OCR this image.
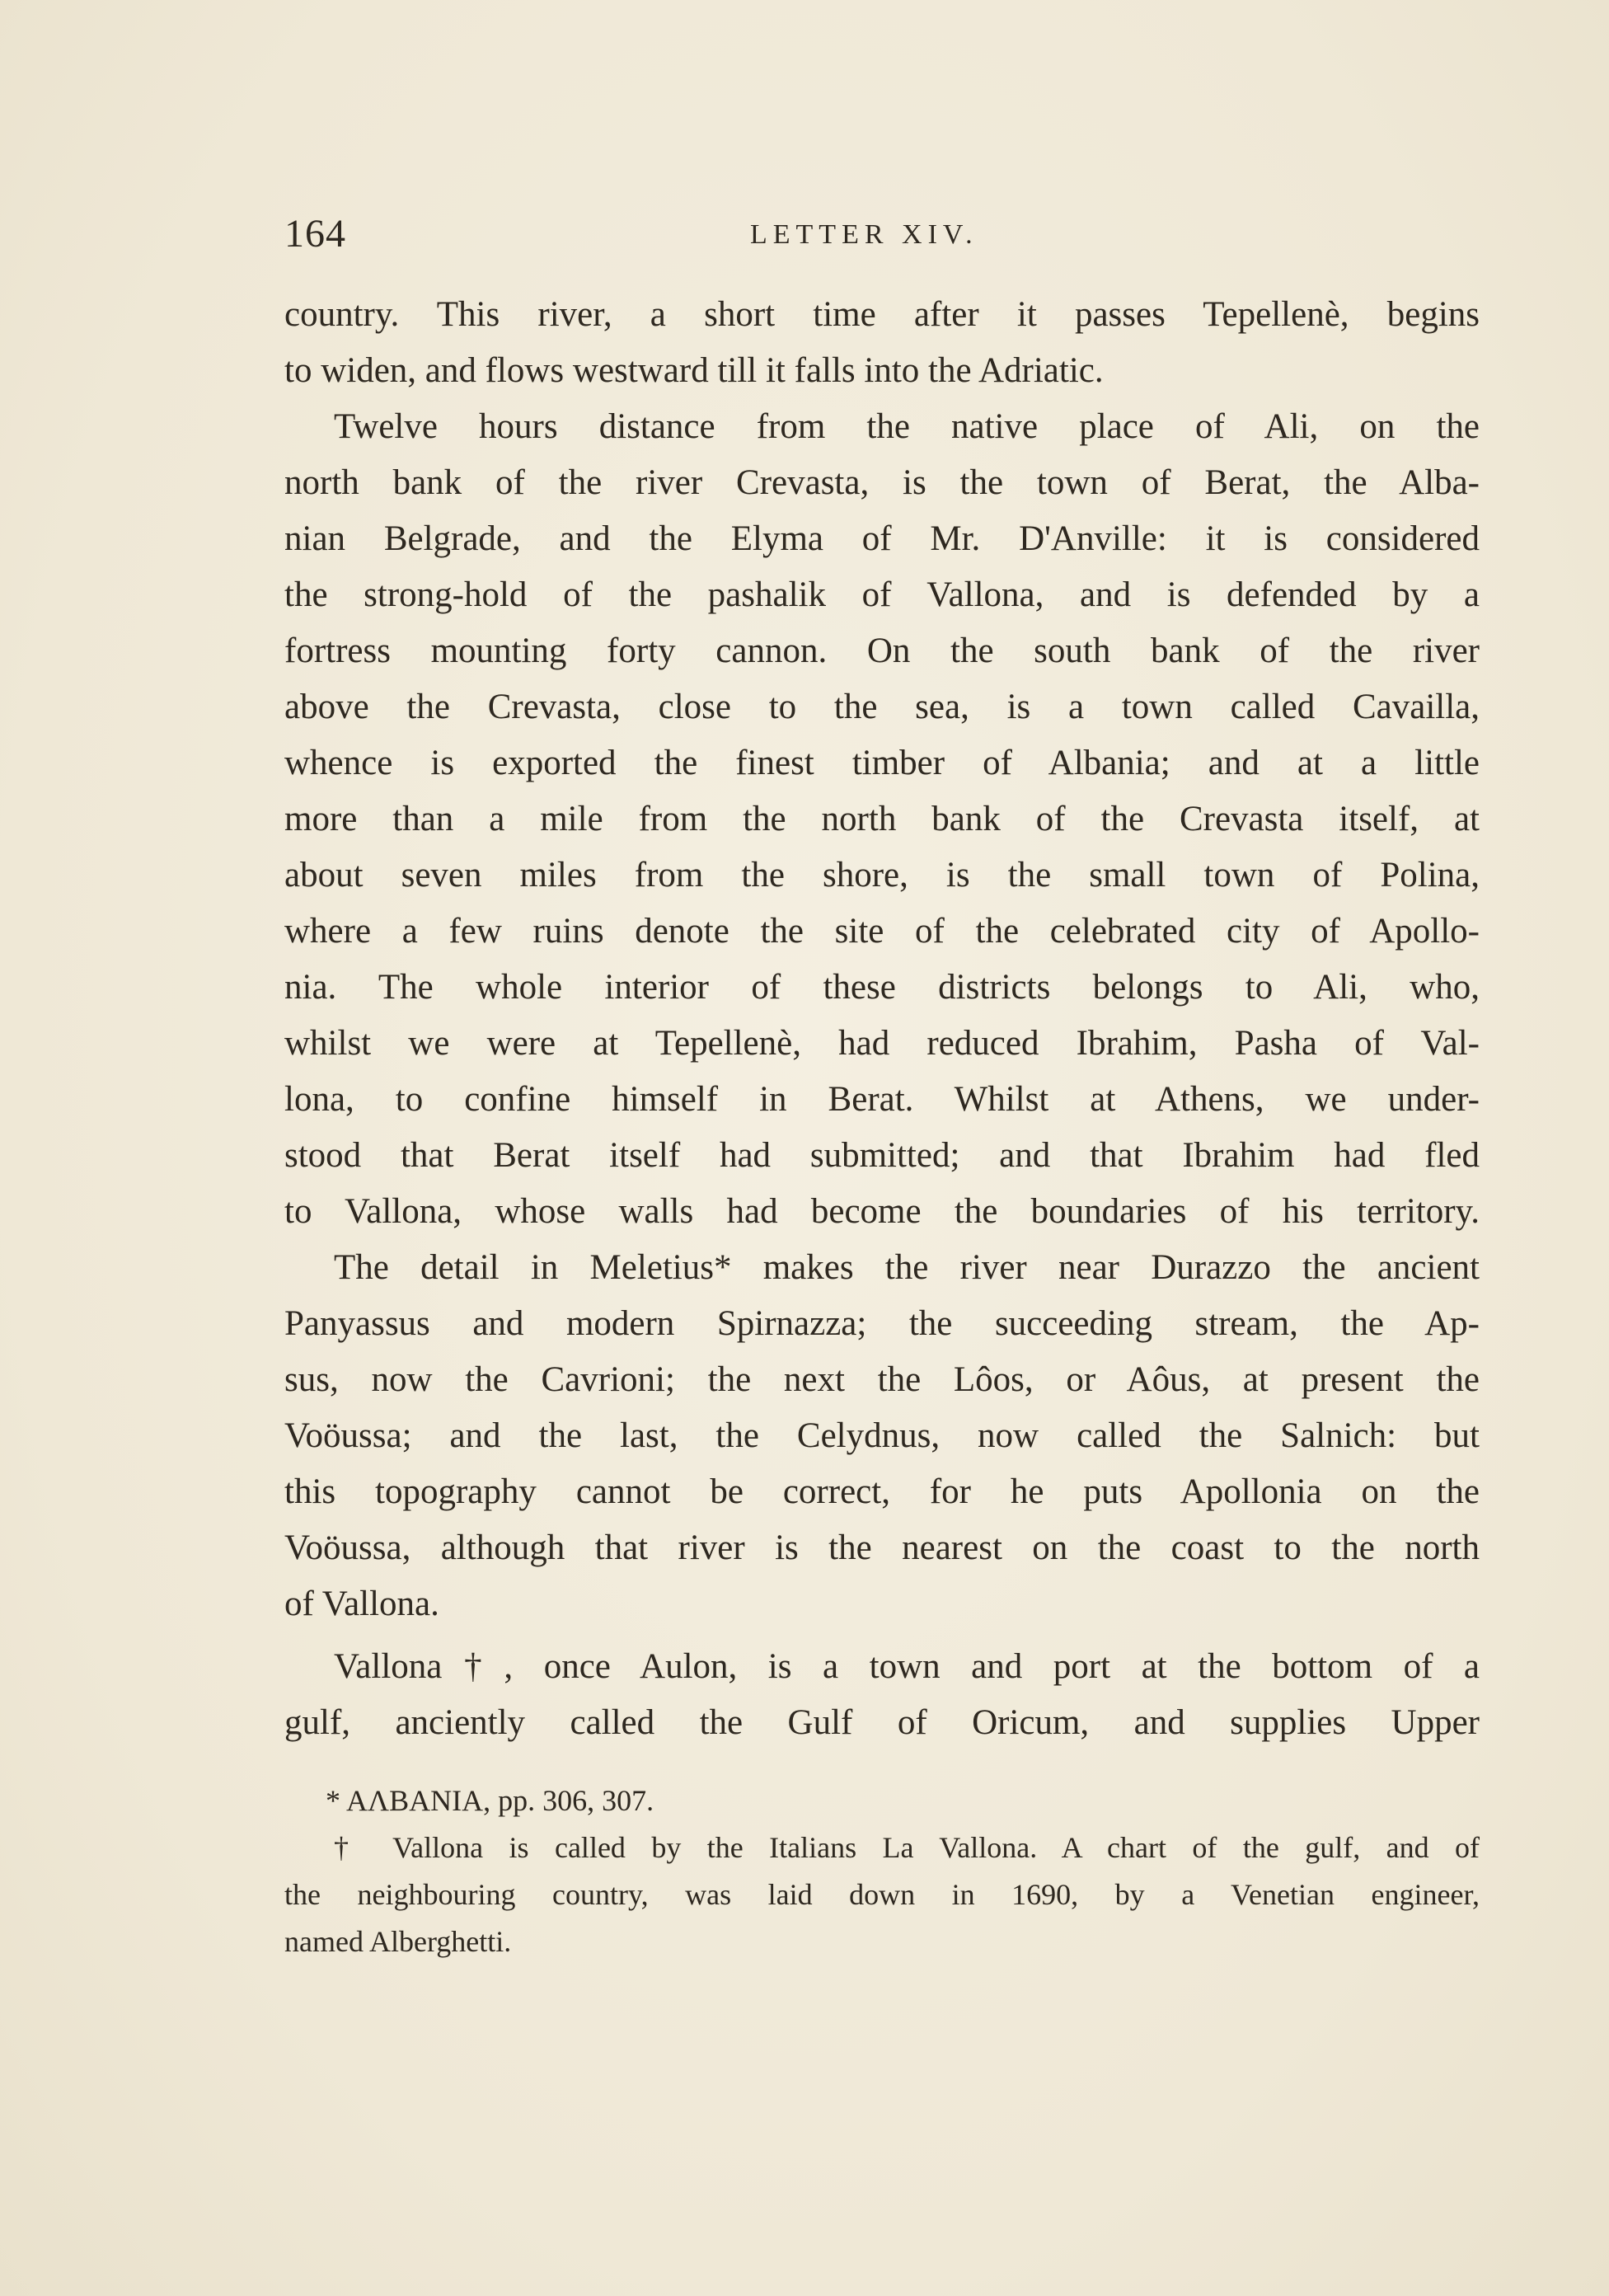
164	LETTER XIV.
country. This river, a short time after it passes Tepellenè, begins
to widen, and flows westward till it falls into the Adriatic.
Twelve hours distance from the native place of Ali, on the
north bank of the river Crevasta, is the town of Berat, the Alba-
nian Belgrade, and the Elyma of Mr. D'Anville: it is considered
the strong-hold of the pashalik of Vallona, and is defended by a
fortress mounting forty cannon. On the south bank of the river
above the Crevasta, close to the sea, is a town called Cavailla,
whence is exported the finest timber of Albania; and at a little
more than a mile from the north bank of the Crevasta itself, at
about seven miles from the shore, is the small town of Polina,
where a few ruins denote the site of the celebrated city of Apollo-
nia. The whole interior of these districts belongs to Ali, who,
whilst we were at Tepellenè, had reduced Ibrahim, Pasha of Val-
lona, to confine himself in Berat. Whilst at Athens, we under-
stood that Berat itself had submitted; and that Ibrahim had fled
to Vallona, whose walls had become the boundaries of his territory.
The detail in Meletius* makes the river near Durazzo the ancient
Panyassus and modern Spirnazza; the succeeding stream, the Ap-
sus, now the Cavrioni; the next the Lôos, or Aôus, at present the
Voöussa; and the last, the Celydnus, now called the Salnich: but
this topography cannot be correct, for he puts Apollonia on the
Voöussa, although that river is the nearest on the coast to the north
of Vallona.
Vallona†, once Aulon, is a town and port at the bottom of a
gulf, anciently called the Gulf of Oricum, and supplies Upper
* ΑΛΒΑΝΙΑ, pp. 306, 307.
† Vallona is called by the Italians La Vallona. A chart of the gulf, and of
the neighbouring country, was laid down in 1690, by a Venetian engineer,
named Alberghetti.
